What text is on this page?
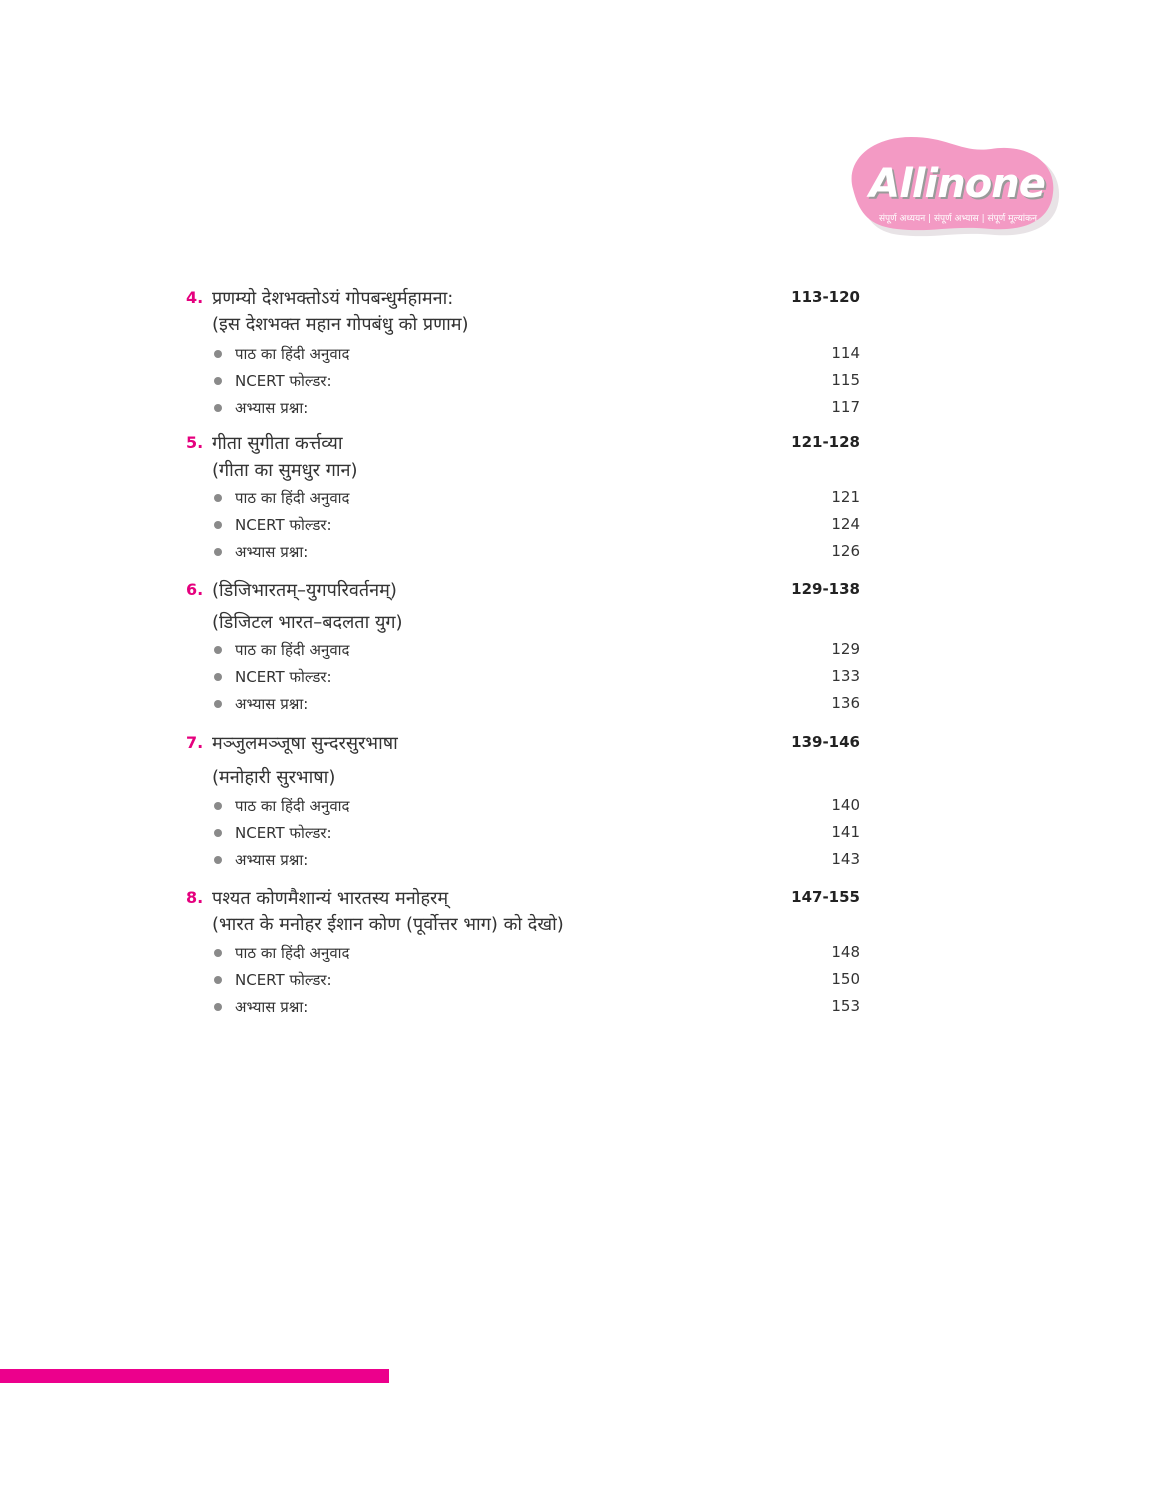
Allinone
संपूर्ण अध्ययन | संपूर्ण अभ्यास | संपूर्ण मूल्यांकन
4. प्रणम्यो देशभक्तोऽयं गोपबन्धुर्महामना:	113-120
(इस देशभक्त महान गोपबंधु को प्रणाम)
पाठ का हिंदी अनुवाद	114
NCERT फोल्डर:	115
अभ्यास प्रश्ना:	117
5. गीता सुगीता कर्त्तव्या	121-128
(गीता का सुमधुर गान)
पाठ का हिंदी अनुवाद	121
NCERT फोल्डर:	124
अभ्यास प्रश्ना:	126
6. (डिजिभारतम्–युगपरिवर्तनम्)	129-138
(डिजिटल भारत–बदलता युग)
पाठ का हिंदी अनुवाद	129
NCERT फोल्डर:	133
अभ्यास प्रश्ना:	136
7. मञ्जुलमञ्जूषा सुन्दरसुरभाषा	139-146
(मनोहारी सुरभाषा)
पाठ का हिंदी अनुवाद	140
NCERT फोल्डर:	141
अभ्यास प्रश्ना:	143
8. पश्यत कोणमैशान्यं भारतस्य मनोहरम्	147-155
(भारत के मनोहर ईशान कोण (पूर्वोत्तर भाग) को देखो)
पाठ का हिंदी अनुवाद	148
NCERT फोल्डर:	150
अभ्यास प्रश्ना:	153
